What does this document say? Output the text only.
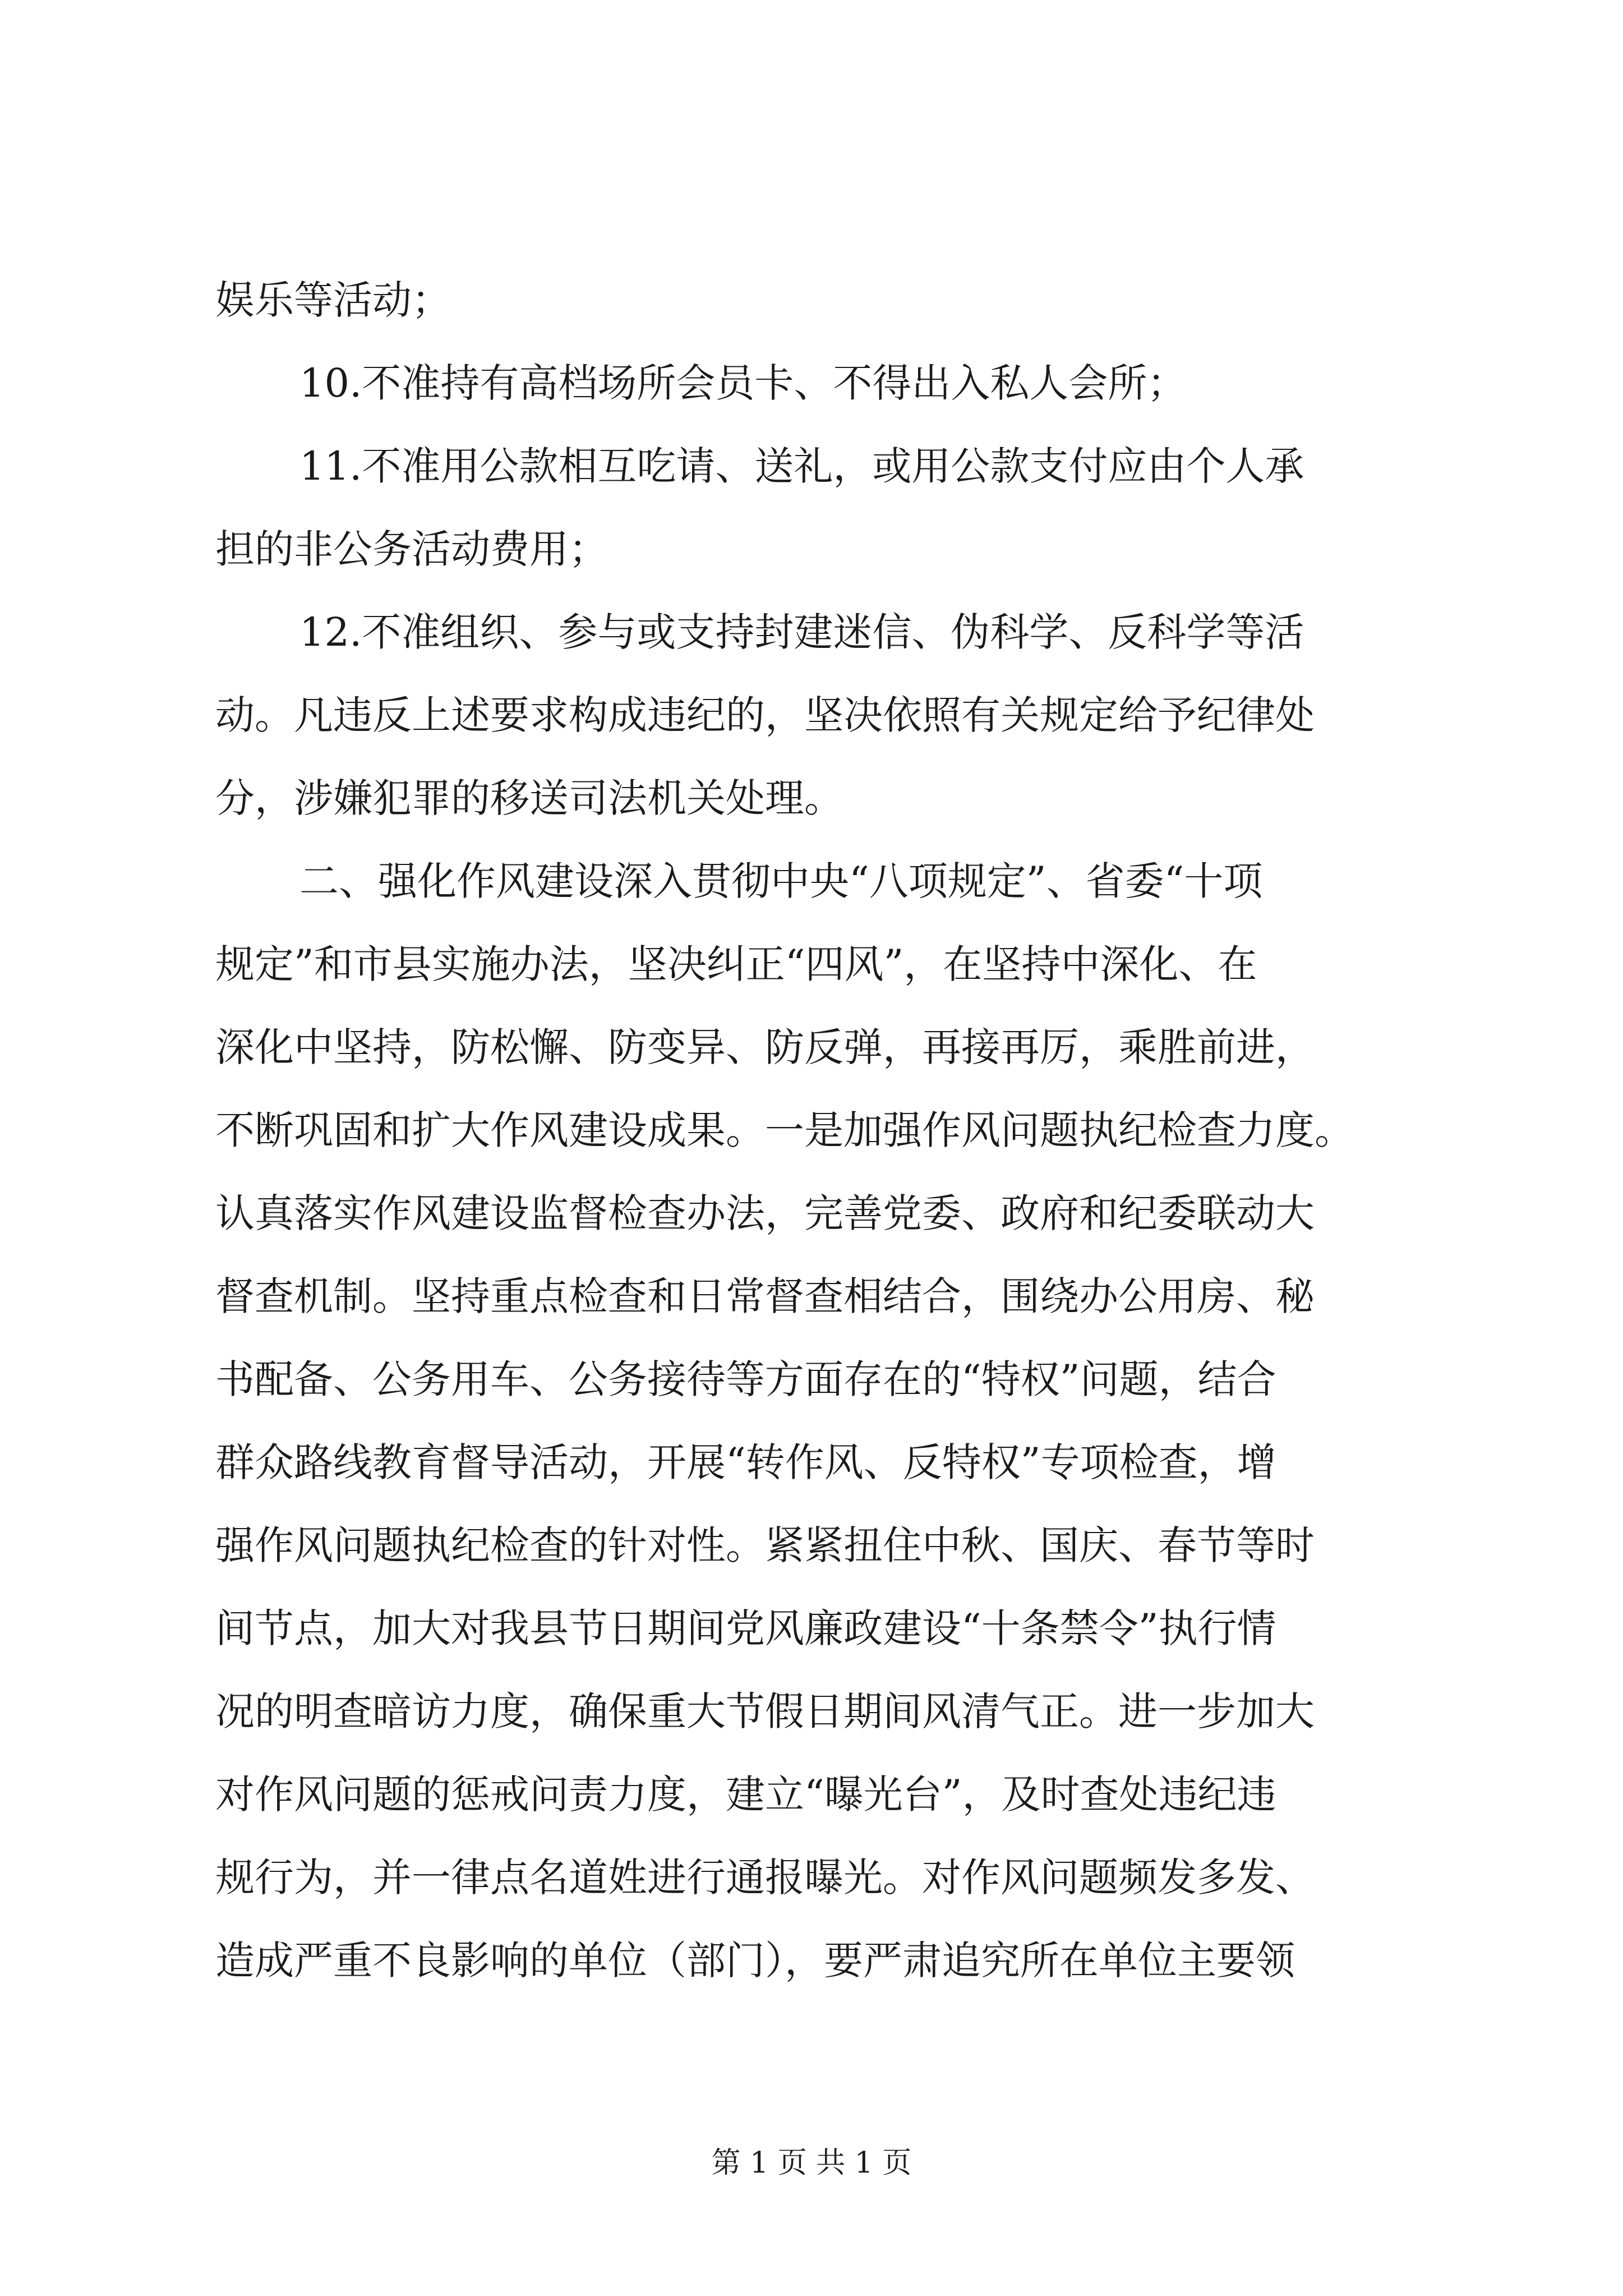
娱乐等活动；
10.不准持有高档场所会员卡、不得出入私人会所；
11.不准用公款相互吃请、送礼，或用公款支付应由个人承
担的非公务活动费用；
12.不准组织、参与或支持封建迷信、伪科学、反科学等活
动。凡违反上述要求构成违纪的，坚决依照有关规定给予纪律处
分，涉嫌犯罪的移送司法机关处理。
二、强化作风建设深入贯彻中央“八项规定”、省委“十项
规定”和市县实施办法，坚决纠正“四风”，在坚持中深化、在
深化中坚持，防松懈、防变异、防反弹，再接再厉，乘胜前进，
不断巩固和扩大作风建设成果。一是加强作风问题执纪检查力度。
认真落实作风建设监督检查办法，完善党委、政府和纪委联动大
督查机制。坚持重点检查和日常督查相结合，围绕办公用房、秘
书配备、公务用车、公务接待等方面存在的“特权”问题，结合
群众路线教育督导活动，开展“转作风、反特权”专项检查，增
强作风问题执纪检查的针对性。紧紧扭住中秋、国庆、春节等时
间节点，加大对我县节日期间党风廉政建设“十条禁令”执行情
况的明查暗访力度，确保重大节假日期间风清气正。进一步加大
对作风问题的惩戒问责力度，建立“曝光台”，及时查处违纪违
规行为，并一律点名道姓进行通报曝光。对作风问题频发多发、
造成严重不良影响的单位（部门），要严肃追究所在单位主要领
第 1 页 共 1 页
